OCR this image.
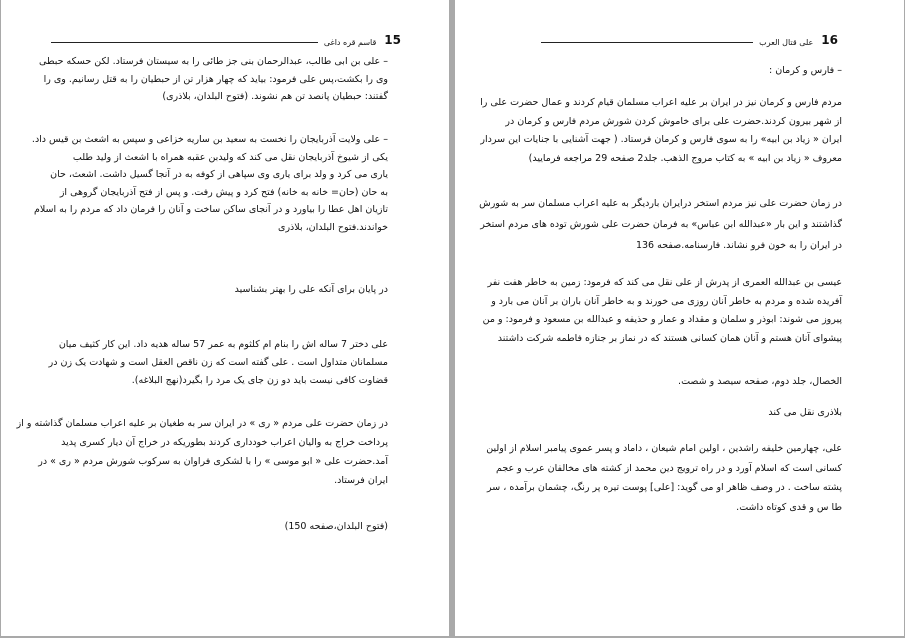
15
قاسم قره داغی
– علی بن ابی طالب، عبدالرحمان بنی جز طائی را به سیستان فرستاد. لکن حسکه حبطی
وی را بکشت،پس علی فرمود: بیاید که چهار هزار تن از حبطیان را به قتل رسانیم. وی را
گفتند: حبطیان پانصد تن هم نشوند. (فتوح البلدان، بلاذری)
– علی ولایت آذربایجان را نخست به سعید بن ساریه خزاعی و سپس به اشعث بن قیس داد.
یکی از شیوخ آذربایجان نقل می کند که ولیدبن عقبه همراه با اشعث از ولید طلب
یاری می کرد و ولد برای یاری وی سپاهی از کوفه به در آنجا گسیل داشت. اشعث، حان
به حان (حان= خانه به خانه) فتح کرد و پیش رفت. و پس از فتح آذربایجان گروهی از
تازیان اهل عطا را بیاورد و در آنجای ساکن ساخت و آنان را فرمان داد که مردم را به اسلام
خواندند.فتوح البلدان، بلاذری
در پایان برای آنکه علی را بهتر بشناسید
علی دختر 7 ساله اش را بنام ام کلثوم به عمر 57 ساله هدیه داد. این کار کثیف میان
مسلمانان متداول است . علی گفته است که زن ناقص العقل است و شهادت یک زن در
قضاوت کافی نیست باید دو زن جای یک مرد را بگیرد(نهج البلاغه).
در زمان حضرت علی مردم « ری » در ایران سر به طغیان بر علیه اعراب مسلمان گذاشته و از
پرداخت خراج به والیان اعراب خودداری کردند بطوریکه در خراج آن دیار کسری پدید
آمد.حضرت علی « ابو موسی » را با لشکری فراوان به سرکوب شورش مردم « ری » در
ایران فرستاد.
(فتوح البلدان،صفحه 150)
16
علی قتال العرب
– فارس و کرمان :
مردم فارس و کرمان نیز در ایران بر علیه اعراب مسلمان قیام کردند و عمال حضرت علی را
از شهر بیرون کردند.حضرت علی برای خاموش کردن شورش مردم فارس و کرمان در
ایران « زیاد بن ابیه» را به سوی فارس و کرمان فرستاد. ( جهت آشنایی با جنایات این سردار
معروف « زیاد بن ابیه » به کتاب مروج الذهب. جلد2 صفحه 29 مراجعه فرمایید)
در زمان حضرت علی نیز مردم استخر درایران باردیگر به علیه اعراب مسلمان سر به شورش
گذاشتند و این بار «عبدالله ابن عباس» به فرمان حضرت علی شورش توده های مردم استخر
در ایران را به خون فرو نشاند. فارسنامه.صفحه 136
عیسی بن عبدالله العمری از پدرش از علی نقل می کند که فرمود: زمین به خاطر هفت نفر
آفریده شده و مردم به خاطر آنان روزی می خورند و به خاطر آنان باران بر آنان می بارد و
پیروز می شوند: ابوذر و سلمان و مقداد و عمار و حذیفه و عبدالله بن مسعود و فرمود: و من
پیشوای آنان هستم و آنان همان کسانی هستند که در نماز بر جنازه فاطمه شرکت داشتند
الخصال، جلد دوم، صفحه سیصد و شصت.
بلاذری نقل می کند
علی، چهارمین خلیفه راشدین ، اولین امام شیعان ، داماد و پسر عموی پیامبر اسلام از اولین
کسانی است که اسلام آورد و در راه ترویج دین محمد از کشته های مخالفان عرب و عجم
پشته ساخت . در وصف ظاهر او می گوید: [علی] پوست تیره پر رنگ، چشمان برآمده ، سر
طا س و قدی کوتاه داشت.
